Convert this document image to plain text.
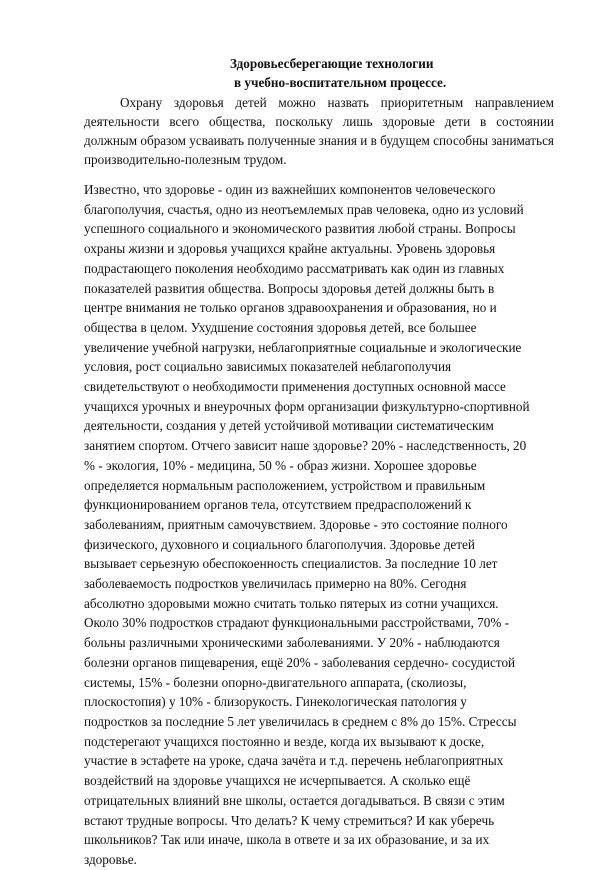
Здоровьесберегающие технологии
в учебно-воспитательном процессе.

Охрану здоровья детей можно назвать приоритетным направлением деятельности всего общества, поскольку лишь здоровые дети в состоянии должным образом усваивать полученные знания и в будущем способны заниматься производительно-полезным трудом.

Известно, что здоровье - один из важнейших компонентов человеческого
благополучия, счастья, одно из неотъемлемых прав человека, одно из условий
успешного социального и экономического развития любой страны. Вопросы
охраны жизни и здоровья учащихся крайне актуальны. Уровень здоровья
подрастающего поколения необходимо рассматривать как один из главных
показателей развития общества. Вопросы здоровья детей должны быть в
центре внимания не только органов здравоохранения и образования, но и
общества в целом. Ухудшение состояния здоровья детей, все большее
увеличение учебной нагрузки, неблагоприятные социальные и экологические
условия, рост социально зависимых показателей неблагополучия
свидетельствуют о необходимости применения доступных основной массе
учащихся урочных и внеурочных форм организации физкультурно-спортивной
деятельности, создания у детей устойчивой мотивации систематическим
занятием спортом. Отчего зависит наше здоровье? 20% - наследственность, 20
% - экология, 10% - медицина, 50 % - образ жизни. Хорошее здоровье
определяется нормальным расположением, устройством и правильным
функционированием органов тела, отсутствием предрасположений к
заболеваниям, приятным самочувствием. Здоровье - это состояние полного
физического, духовного и социального благополучия. Здоровье детей
вызывает серьезную обеспокоенность специалистов. За последние 10 лет
заболеваемость подростков увеличилась примерно на 80%. Сегодня
абсолютно здоровыми можно считать только пятерых из сотни учащихся.
Около 30% подростков страдают функциональными расстройствами, 70% -
больны различными хроническими заболеваниями. У 20% - наблюдаются
болезни органов пищеварения, ещё 20% - заболевания сердечно- сосудистой
системы, 15% - болезни опорно-двигательного аппарата, (сколиозы,
плоскостопия) у 10% - близорукость. Гинекологическая патология у
подростков за последние 5 лет увеличилась в среднем с 8% до 15%. Стрессы
подстерегают учащихся постоянно и везде, когда их вызывают к доске,
участие в эстафете на уроке, сдача зачёта и т.д. перечень неблагоприятных
воздействий на здоровье учащихся не исчерпывается. А сколько ещё
отрицательных влияний вне школы, остается догадываться. В связи с этим
встают трудные вопросы. Что делать? К чему стремиться? И как уберечь
школьников? Так или иначе, школа в ответе и за их образование, и за их
здоровье.
